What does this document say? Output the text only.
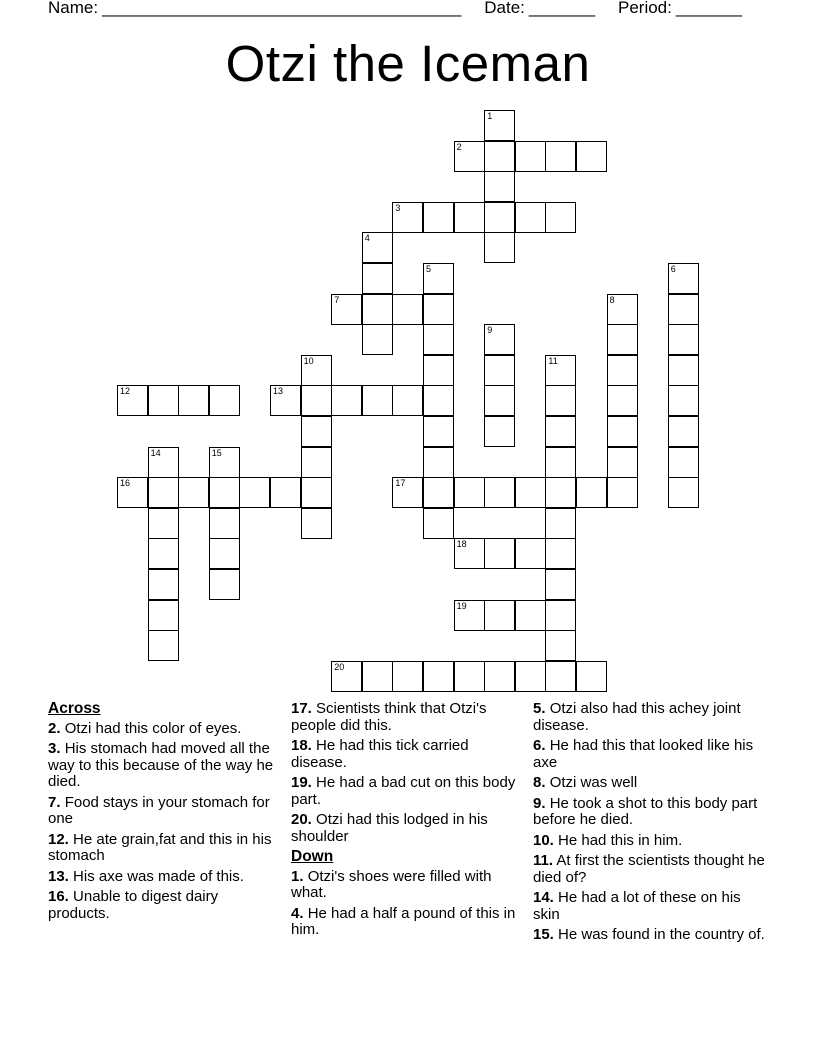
Name: ______________________________________ Date: _______ Period: _______
Otzi the Iceman
1
2
3
4
5	6
7	8
9
10	11
12	13
14	15
16	17
18
19
20
Across
2. Otzi had this color of eyes.
3. His stomach had moved all the way to this because of the way he died.
7. Food stays in your stomach for one
12. He ate grain,fat and this in his stomach
13. His axe was made of this.
16. Unable to digest dairy products.
17. Scientists think that Otzi's people did this.
18. He had this tick carried disease.
19. He had a bad cut on this body part.
20. Otzi had this lodged in his shoulder
Down
1. Otzi's shoes were filled with what.
4. He had a half a pound of this in him.
5. Otzi also had this achey joint disease.
6. He had this that looked like his axe
8. Otzi was well
9. He took a shot to this body part before he died.
10. He had this in him.
11. At first the scientists thought he died of?
14. He had a lot of these on his skin
15. He was found in the country of.
